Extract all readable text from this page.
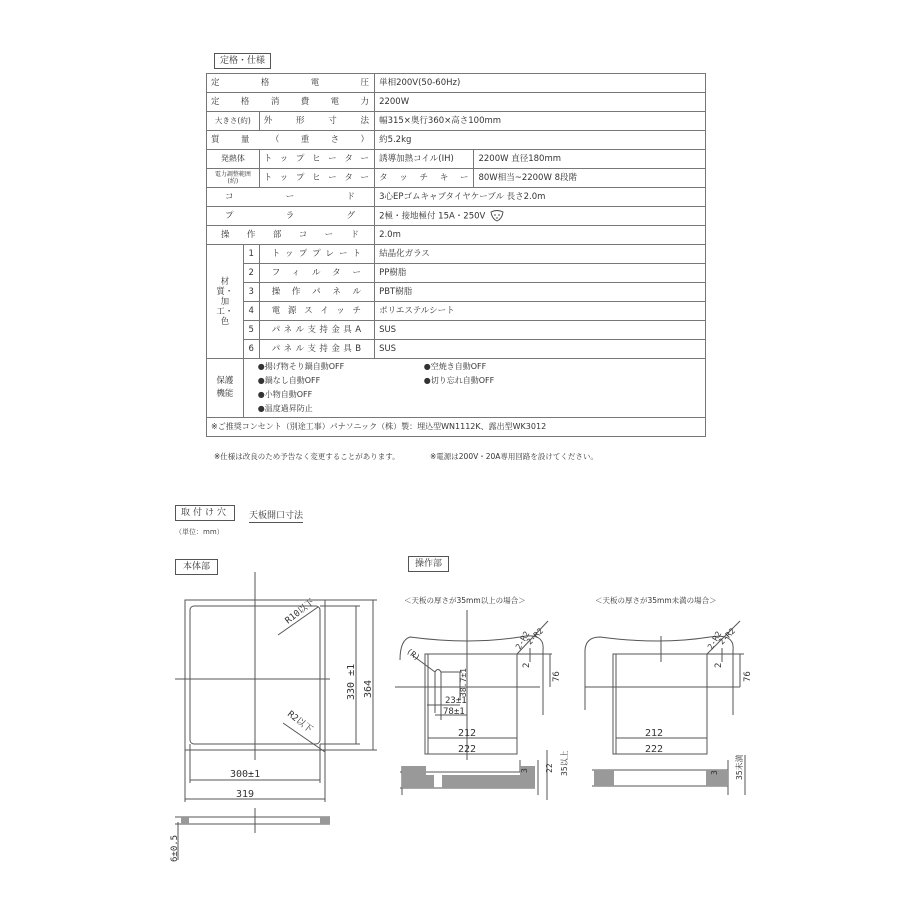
定格・仕様
定格電圧			単相200V(50-60Hz)	
定格消費電力			2200W	
大きさ(約)		外形寸法	幅315×奥行360×高さ100mm	
質量（重さ）			約5.2kg	
発熱体		トップヒーター	誘導加熱コイル(IH)	2200W 直径180mm
電力調整範囲(約)		トップヒーター	タッチキー	80W相当~2200W 8段階
コード			3心EPゴムキャブタイヤケーブル 長さ2.0m	
プラグ			2極・接地極付 15A・250V	
操作部コード			2.0m	
材質・加工・色	1	トッププレート	結晶化ガラス	
	2	フィルター	PP樹脂	
	3	操作パネル	PBT樹脂	
	4	電源スイッチ	ポリエステルシート	
	5	パネル支持金具A	SUS	
	6	パネル支持金具B	SUS	
保護機能	
●揚げ物そり鍋自動OFF	●空焼き自動OFF
●鍋なし自動OFF	●切り忘れ自動OFF
●小物自動OFF
●温度過昇防止

※ご推奨コンセント（別途工事）パナソニック（株）製：埋込型WN1112K、露出型WK3012				
※仕様は改良のため予告なく変更することがあります。	※電源は200V・20A専用回路を設けてください。
取付け穴	天板開口寸法
（単位：mm）
本体部	操作部
R10以下
R2以下
300±1
319
330 ±1 364
6±0.5
＜天板の厚さが35mm以上の場合＞
(R)
2-R2
2-R2
2
76
38.7±1
23±1
78±1
212
222
3 22 35以上
＜天板の厚さが35mm未満の場合＞
2-R2
2-R2
2
76
212
222
3 35未満
